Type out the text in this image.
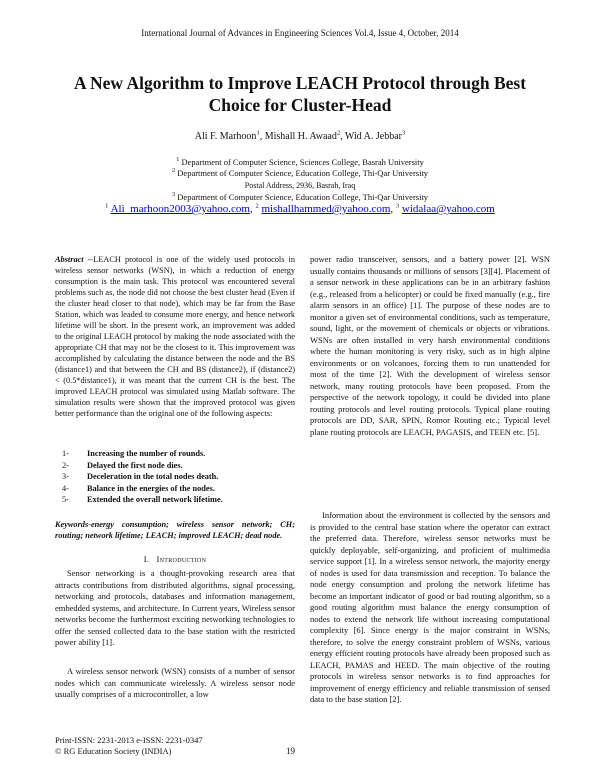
International Journal of Advances in Engineering Sciences Vol.4, Issue 4, October, 2014
A New Algorithm to Improve LEACH Protocol through Best
Choice for Cluster-Head
Ali F. Marhoon$^1$, Mishall H. Awaad$^2$, Wid A. Jebbar$^3$
$^1$ Department of Computer Science, Sciences College, Basrah University
$^2$ Department of Computer Science, Education College, Thi-Qar University
Postal Address, 2936, Basrah, Iraq
$^3$ Department of Computer Science, Education College, Thi-Qar University
$^1$ Ali_marhoon2003@yahoo.com, $^2$ mishallhammed@yahoo.com, $^3$ widalaa@yahoo.com

Abstract --LEACH protocol is one of the widely used protocols in wireless sensor networks (WSN), in which a reduction of energy consumption is the main task. This protocol was encountered several problems such as, the node did not choose the best cluster head (Even if the cluster head closer to that node), which may be far from the Base Station, which was leaded to consume more energy, and hence network lifetime will be short. In the present work, an improvement was added to the original LEACH protocol by making the node associated with the appropriate CH that may not be the closest to it. This improvement was accomplished by calculating the distance between the node and the BS (distance1) and that between the CH and BS (distance2), if (distance2) < (0.5*distance1), it was meant that the current CH is the best. The improved LEACH protocol was simulated using Matlab software. The simulation results were shown that the improved protocol was given better performance than the original one of the following aspects:

1- Increasing the number of rounds.
2- Delayed the first node dies.
3- Deceleration in the total nodes death.
4- Balance in the energies of the nodes.
5- Extended the overall network lifetime.
Keywords-energy consumption; wireless sensor network; CH; routing; network lifetime; LEACH; improved LEACH; dead node.
I. Introduction
Sensor networking is a thought-provoking research area that attracts contributions from distributed algorithms, signal processing, networking and protocols, databases and information management, embedded systems, and architecture. In Current years, Wireless sensor networks become the furthermost exciting networking technologies to offer the sensed collected data to the base station with the restricted power ability [1].
A wireless sensor network (WSN) consists of a number of sensor nodes which can communicate wirelessly. A wireless sensor node usually comprises of a microcontroller, a low
power radio transceiver, sensors, and a battery power [2]. WSN usually contains thousands or millions of sensors [3][4]. Placement of a sensor network in these applications can be in an arbitrary fashion (e.g., released from a helicopter) or could be fixed manually (e.g., fire alarm sensors in an office) [1]. The purpose of these nodes are to monitor a given set of environmental conditions, such as temperature, sound, light, or the movement of chemicals or objects or vibrations. WSNs are often installed in very harsh environmental conditions where the human monitoring is very risky, such as in high alpine environments or on volcanoes, forcing them to run unattended for most of the time [2]. With the development of wireless sensor network, many routing protocols have been proposed. From the perspective of the network topology, it could be divided into plane routing protocols and level routing protocols. Typical plane routing protocols are DD, SAR, SPIN, Romor Routing etc.; Typical level plane routing protocols are LEACH, PAGASIS, and TEEN etc. [5].
Information about the environment is collected by the sensors and is provided to the central base station where the operator can extract the preferred data. Therefore, wireless sensor networks must be quickly deployable, self-organizing, and proficient of multimedia service support [1]. In a wireless sensor network, the majority energy of nodes is used for data transmission and reception. To balance the node energy consumption and prolong the network lifetime has become an important indicator of good or bad routing algorithm, so a good routing algorithm must balance the energy consumption of nodes to extend the network life without increasing computational complexity [6]. Since energy is the major constraint in WSNs, therefore, to solve the energy constraint problem of WSNs, various energy efficient routing protocols have already been proposed such as LEACH, PAMAS and HEED. The main objective of the routing protocols in wireless sensor networks is to find approaches for improvement of energy efficiency and reliable transmission of sensed data to the base station [2].
Print-ISSN: 2231-2013 e-ISSN: 2231-0347
© RG Education Society (INDIA)	19
